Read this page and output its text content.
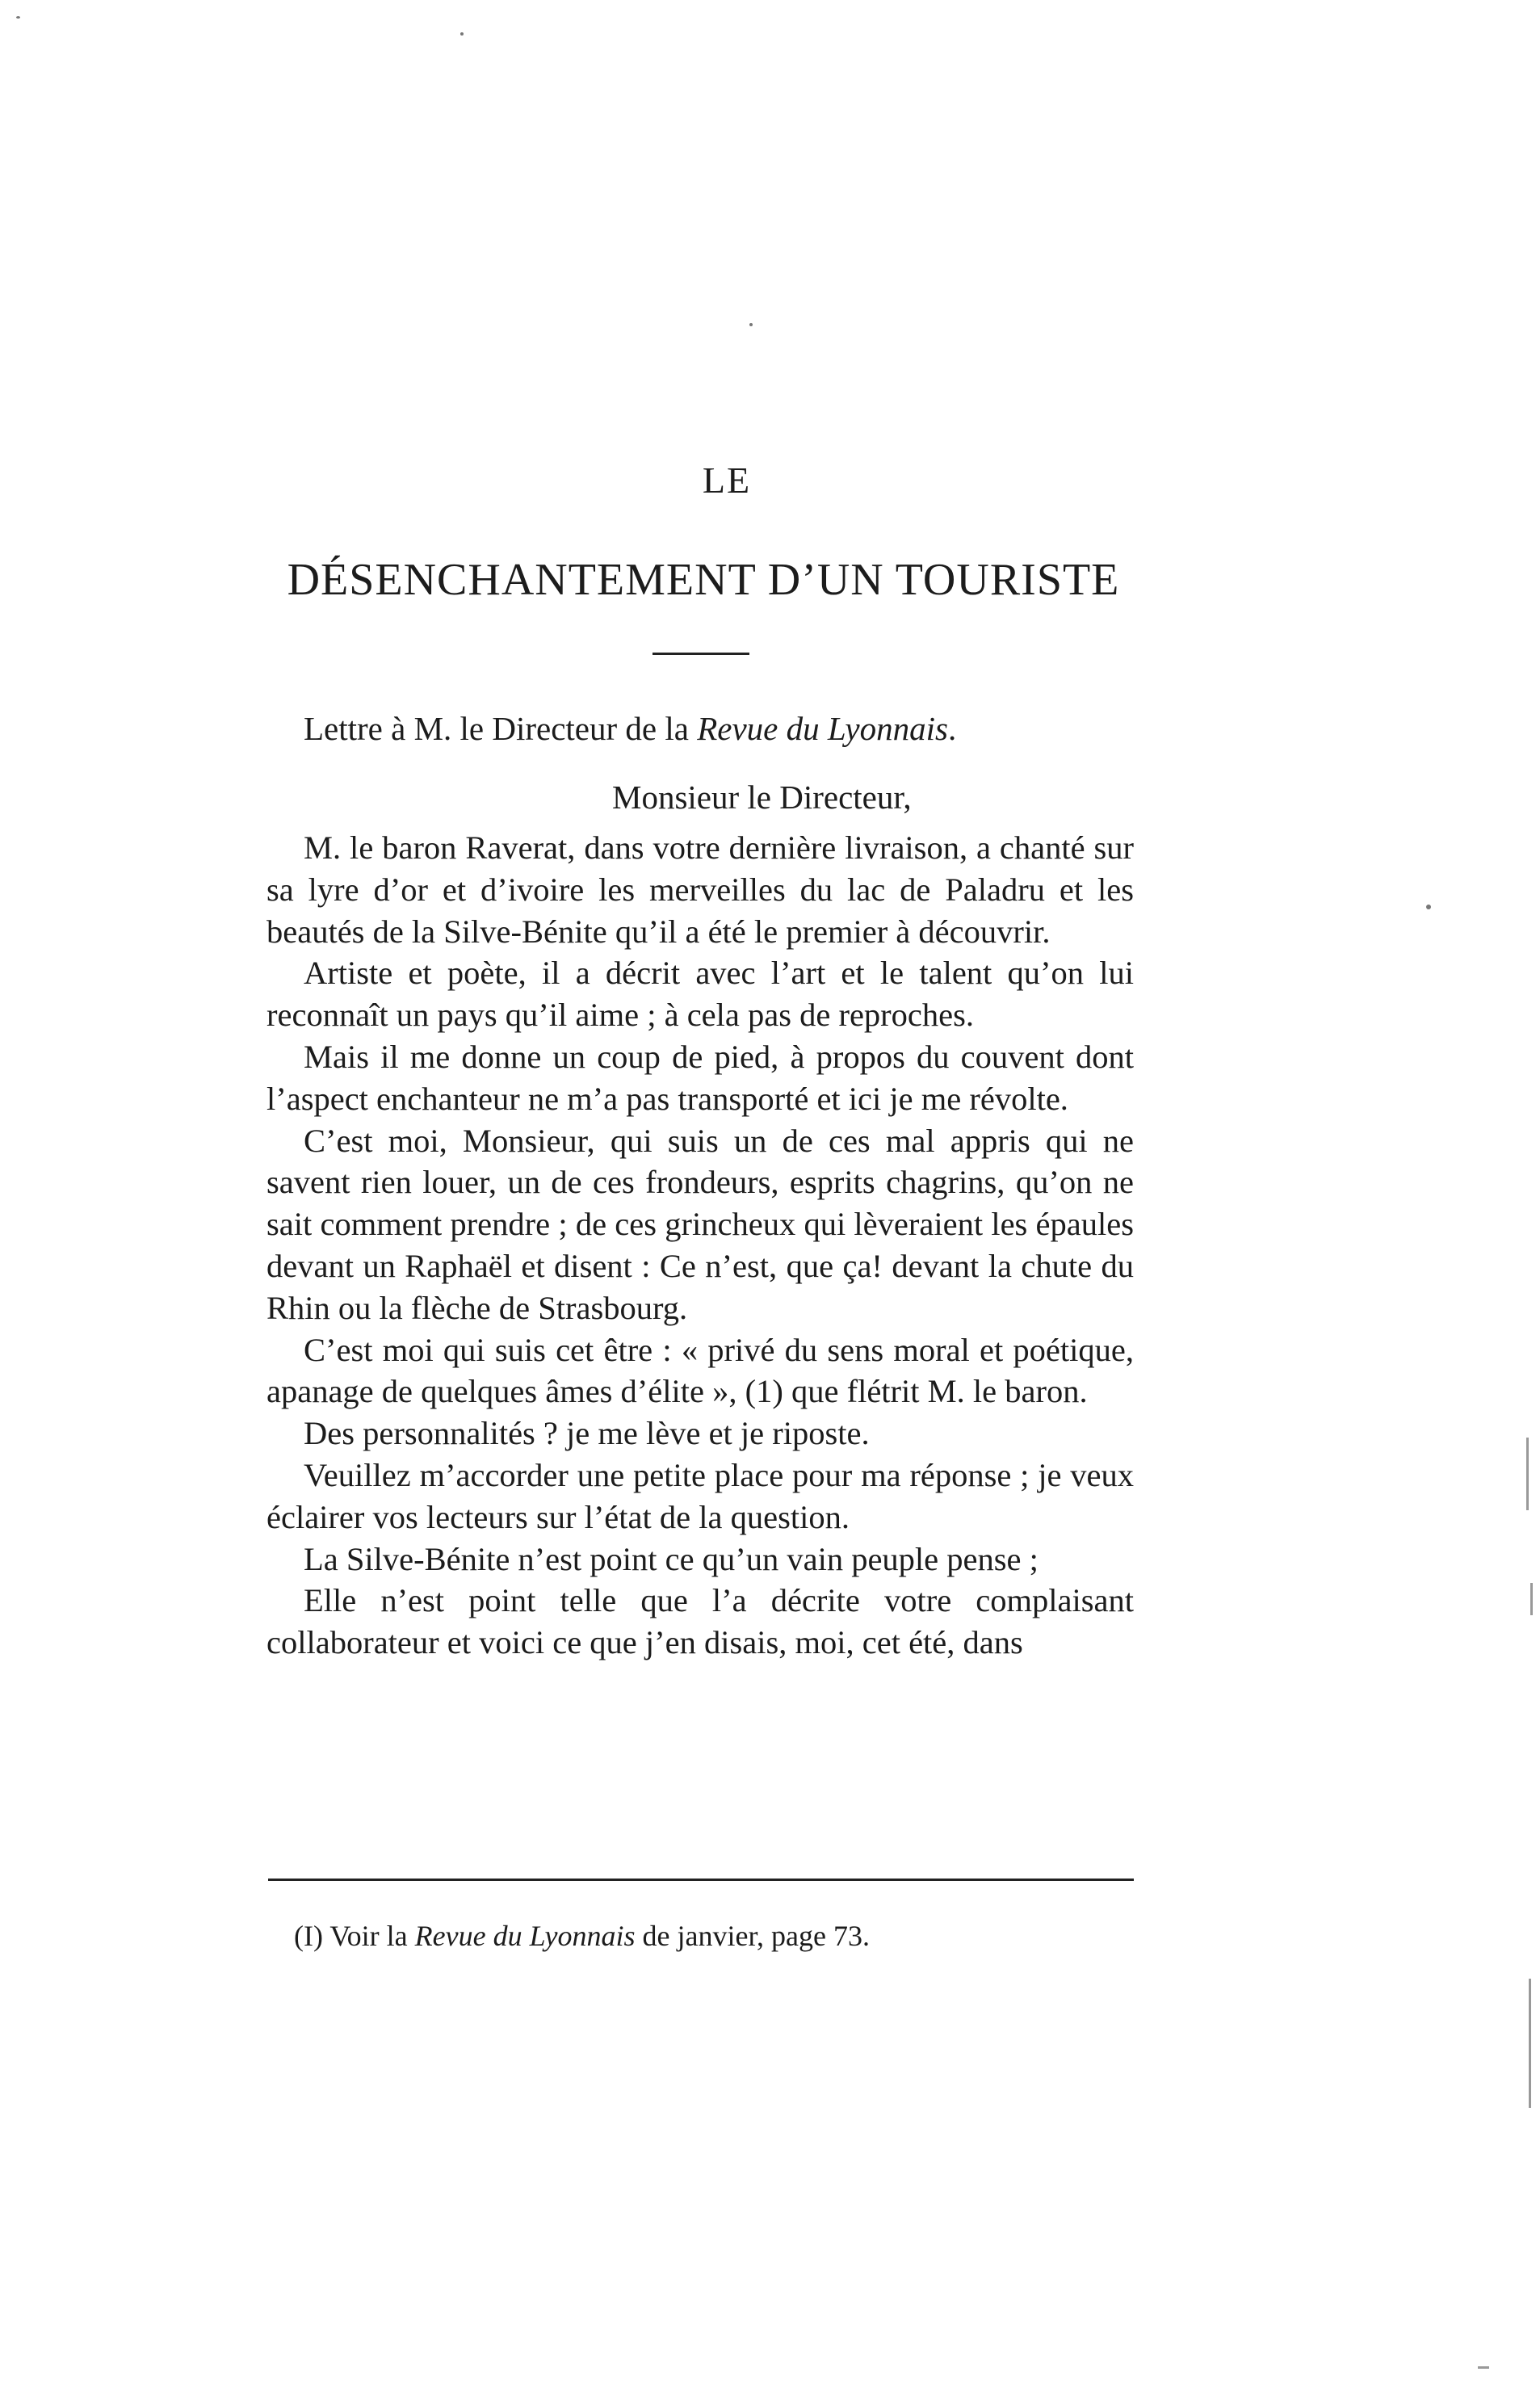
LE
DÉSENCHANTEMENT D’UN TOURISTE
Lettre à M. le Directeur de la Revue du Lyonnais.
Monsieur le Directeur,

M. le baron Raverat, dans votre dernière livraison, a chanté sur sa lyre d’or et d’ivoire les merveilles du lac de Paladru et les beautés de la Silve-Bénite qu’il a été le premier à découvrir.

Artiste et poète, il a décrit avec l’art et le talent qu’on lui reconnaît un pays qu’il aime ; à cela pas de reproches.

Mais il me donne un coup de pied, à propos du couvent dont l’aspect enchanteur ne m’a pas transporté et ici je me révolte.

C’est moi, Monsieur, qui suis un de ces mal appris qui ne savent rien louer, un de ces frondeurs, esprits chagrins, qu’on ne sait comment prendre ; de ces grincheux qui lèveraient les épaules devant un Raphaël et disent : Ce n’est, que ça! devant la chute du Rhin ou la flèche de Strasbourg.

C’est moi qui suis cet être : « privé du sens moral et poétique, apanage de quelques âmes d’élite », (1) que flétrit M. le baron.

Des personnalités ? je me lève et je riposte.

Veuillez m’accorder une petite place pour ma réponse ; je veux éclairer vos lecteurs sur l’état de la question.

La Silve-Bénite n’est point ce qu’un vain peuple pense ;

Elle n’est point telle que l’a décrite votre complaisant collaborateur et voici ce que j’en disais, moi, cet été, dans

(I) Voir la Revue du Lyonnais de janvier, page 73.
